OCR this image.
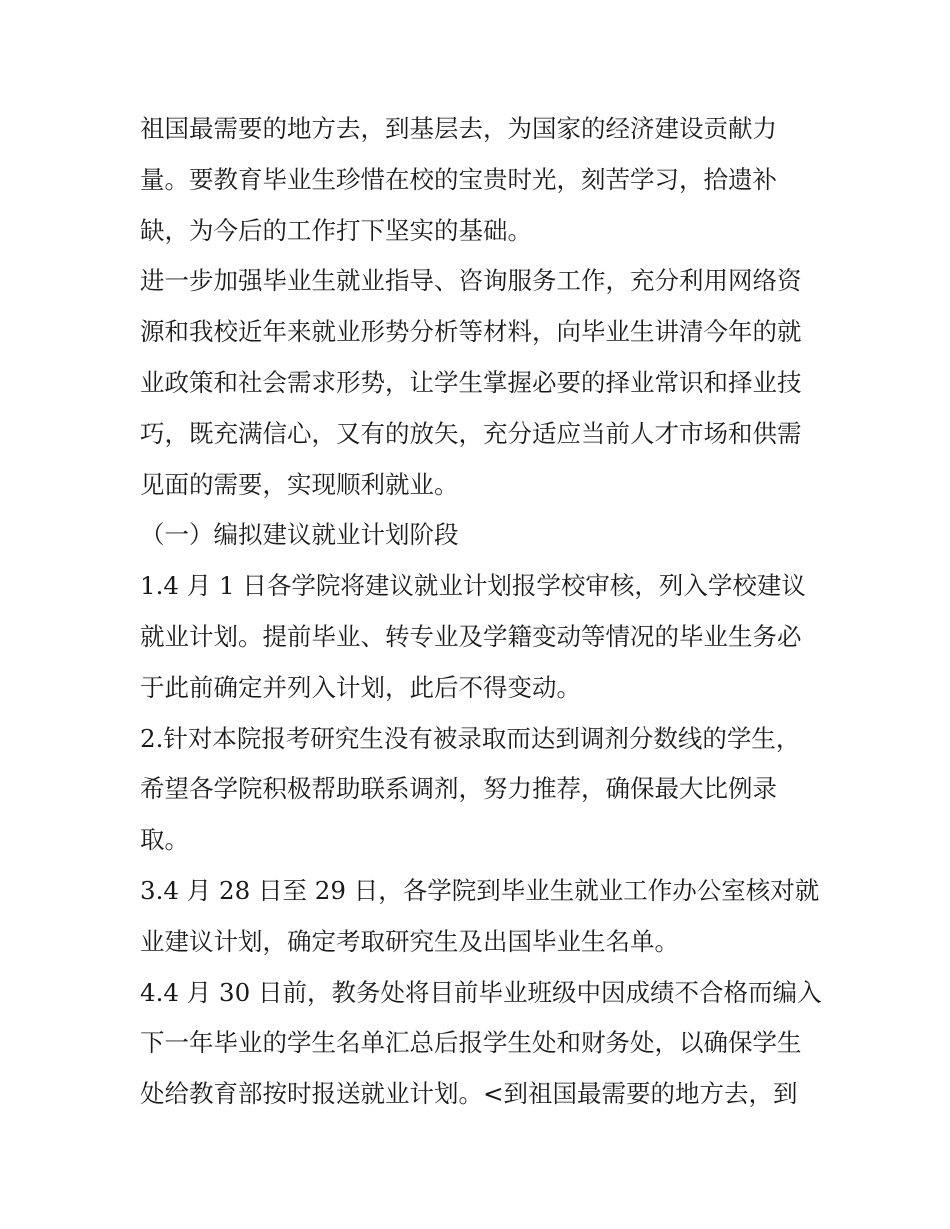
祖国最需要的地方去，到基层去，为国家的经济建设贡献力
量。要教育毕业生珍惜在校的宝贵时光，刻苦学习，拾遗补
缺，为今后的工作打下坚实的基础。

进一步加强毕业生就业指导、咨询服务工作，充分利用网络资
源和我校近年来就业形势分析等材料，向毕业生讲清今年的就
业政策和社会需求形势，让学生掌握必要的择业常识和择业技
巧，既充满信心，又有的放矢，充分适应当前人才市场和供需
见面的需要，实现顺利就业。

（一）编拟建议就业计划阶段

1.4 月 1 日各学院将建议就业计划报学校审核，列入学校建议
就业计划。提前毕业、转专业及学籍变动等情况的毕业生务必
于此前确定并列入计划，此后不得变动。

2.针对本院报考研究生没有被录取而达到调剂分数线的学生，
希望各学院积极帮助联系调剂，努力推荐，确保最大比例录
取。

3.4 月 28 日至 29 日，各学院到毕业生就业工作办公室核对就
业建议计划，确定考取研究生及出国毕业生名单。

4.4 月 30 日前，教务处将目前毕业班级中因成绩不合格而编入
下一年毕业的学生名单汇总后报学生处和财务处，以确保学生
处给教育部按时报送就业计划。<到祖国最需要的地方去，到
